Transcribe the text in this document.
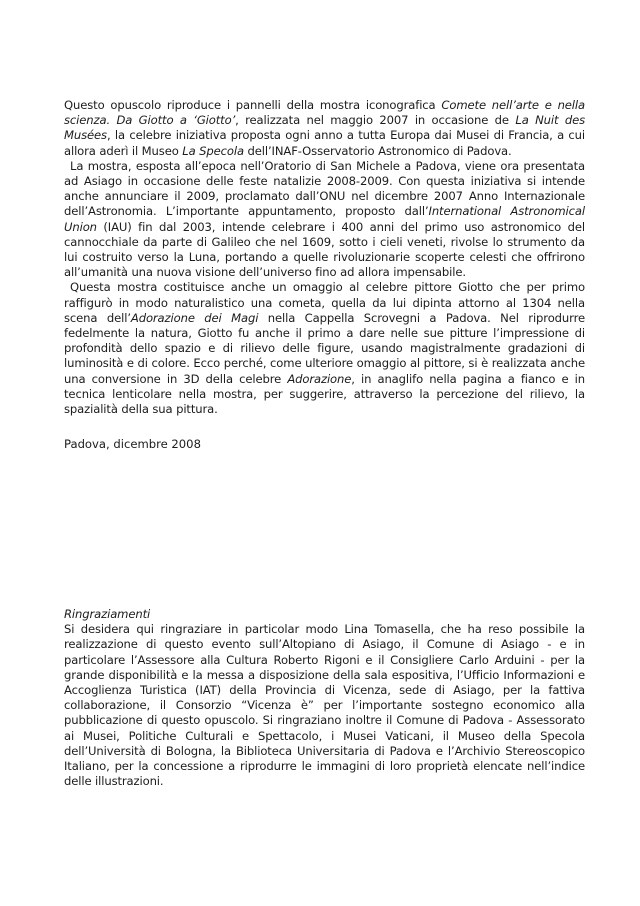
Questo opuscolo riproduce i pannelli della mostra iconografica Comete nell’arte e nella scienza. Da Giotto a ‘Giotto’, realizzata nel maggio 2007 in occasione de La Nuit des Musées, la celebre iniziativa proposta ogni anno a tutta Europa dai Musei di Francia, a cui allora aderì il Museo La Specola dell’INAF-Osservatorio Astronomico di Padova.

La mostra, esposta all’epoca nell’Oratorio di San Michele a Padova, viene ora presentata ad Asiago in occasione delle feste natalizie 2008-2009. Con questa iniziativa si intende anche annunciare il 2009, proclamato dall’ONU nel dicembre 2007 Anno Internazionale dell’Astronomia. L’importante appuntamento, proposto dall’International Astronomical Union (IAU) fin dal 2003, intende celebrare i 400 anni del primo uso astronomico del cannocchiale da parte di Galileo che nel 1609, sotto i cieli veneti, rivolse lo strumento da lui costruito verso la Luna, portando a quelle rivoluzionarie scoperte celesti che offrirono all’umanità una nuova visione dell’universo fino ad allora impensabile.

Questa mostra costituisce anche un omaggio al celebre pittore Giotto che per primo raffigurò in modo naturalistico una cometa, quella da lui dipinta attorno al 1304 nella scena dell’Adorazione dei Magi nella Cappella Scrovegni a Padova. Nel riprodurre fedelmente la natura, Giotto fu anche il primo a dare nelle sue pitture l’impressione di profondità dello spazio e di rilievo delle figure, usando magistralmente gradazioni di luminosità e di colore. Ecco perché, come ulteriore omaggio al pittore, si è realizzata anche una conversione in 3D della celebre Adorazione, in anaglifo nella pagina a fianco e in tecnica lenticolare nella mostra, per suggerire, attraverso la percezione del rilievo, la spazialità della sua pittura.

Padova, dicembre 2008

Ringraziamenti

Si desidera qui ringraziare in particolar modo Lina Tomasella, che ha reso possibile la realizzazione di questo evento sull’Altopiano di Asiago, il Comune di Asiago - e in particolare l’Assessore alla Cultura Roberto Rigoni e il Consigliere Carlo Arduini - per la grande disponibilità e la messa a disposizione della sala espositiva, l’Ufficio Informazioni e Accoglienza Turistica (IAT) della Provincia di Vicenza, sede di Asiago, per la fattiva collaborazione, il Consorzio “Vicenza è” per l’importante sostegno economico alla pubblicazione di questo opuscolo. Si ringraziano inoltre il Comune di Padova - Assessorato ai Musei, Politiche Culturali e Spettacolo, i Musei Vaticani, il Museo della Specola dell’Università di Bologna, la Biblioteca Universitaria di Padova e l’Archivio Stereoscopico Italiano, per la concessione a riprodurre le immagini di loro proprietà elencate nell’indice delle illustrazioni.
